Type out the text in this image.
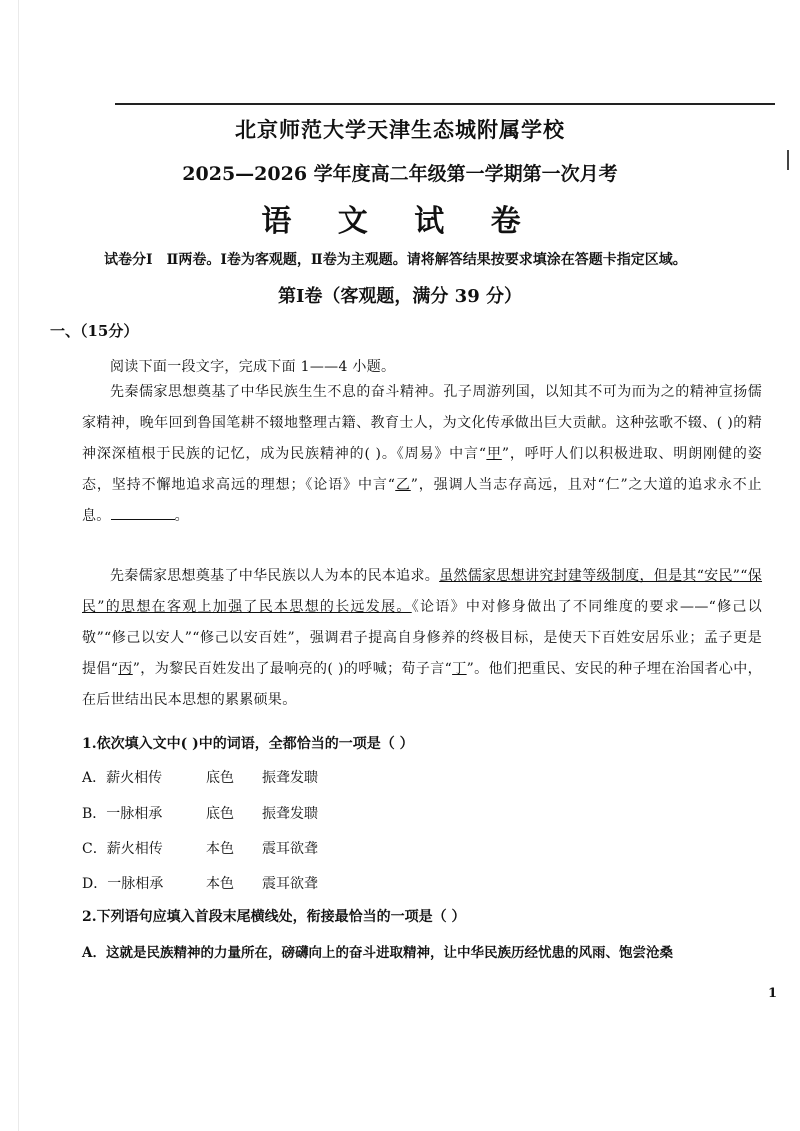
北京师范大学天津生态城附属学校
2025—2026 学年度高二年级第一学期第一次月考
语 文 试 卷
试卷分Ⅰ　Ⅱ两卷。Ⅰ卷为客观题，Ⅱ卷为主观题。请将解答结果按要求填涂在答题卡指定区域。
第Ⅰ卷（客观题，满分 39 分）
一、（15分）

阅读下面一段文字，完成下面 1——4 小题。

先秦儒家思想奠基了中华民族生生不息的奋斗精神。孔子周游列国，以知其不可为而为之的精神宣扬儒家精神，晚年回到鲁国笔耕不辍地整理古籍、教育士人，为文化传承做出巨大贡献。这种弦歌不辍、( )的精神深深植根于民族的记忆，成为民族精神的( )。《周易》中言“甲”，呼吁人们以积极进取、明朗刚健的姿态，坚持不懈地追求高远的理想；《论语》中言“乙”，强调人当志存高远，且对“仁”之大道的追求永不止息。	。

先秦儒家思想奠基了中华民族以人为本的民本追求。虽然儒家思想讲究封建等级制度，但是其“安民”“保民”的思想在客观上加强了民本思想的长远发展。《论语》中对修身做出了不同维度的要求——“修己以敬”“修己以安人”“修己以安百姓”，强调君子提高自身修养的终极目标，是使天下百姓安居乐业；孟子更是提倡“丙”，为黎民百姓发出了最响亮的( )的呼喊；荀子言“丁”。他们把重民、安民的种子埋在治国者心中，在后世结出民本思想的累累硕果。

1.依次填入文中( )中的词语，全都恰当的一项是（ ）
A．薪火相传	底色 振聋发聩
B．一脉相承	底色 振聋发聩
C．薪火相传	本色 震耳欲聋
D．一脉相承	本色 震耳欲聋
2.下列语句应填入首段末尾横线处，衔接最恰当的一项是（ ）
A．这就是民族精神的力量所在，磅礴向上的奋斗进取精神，让中华民族历经忧患的风雨、饱尝沧桑
1
